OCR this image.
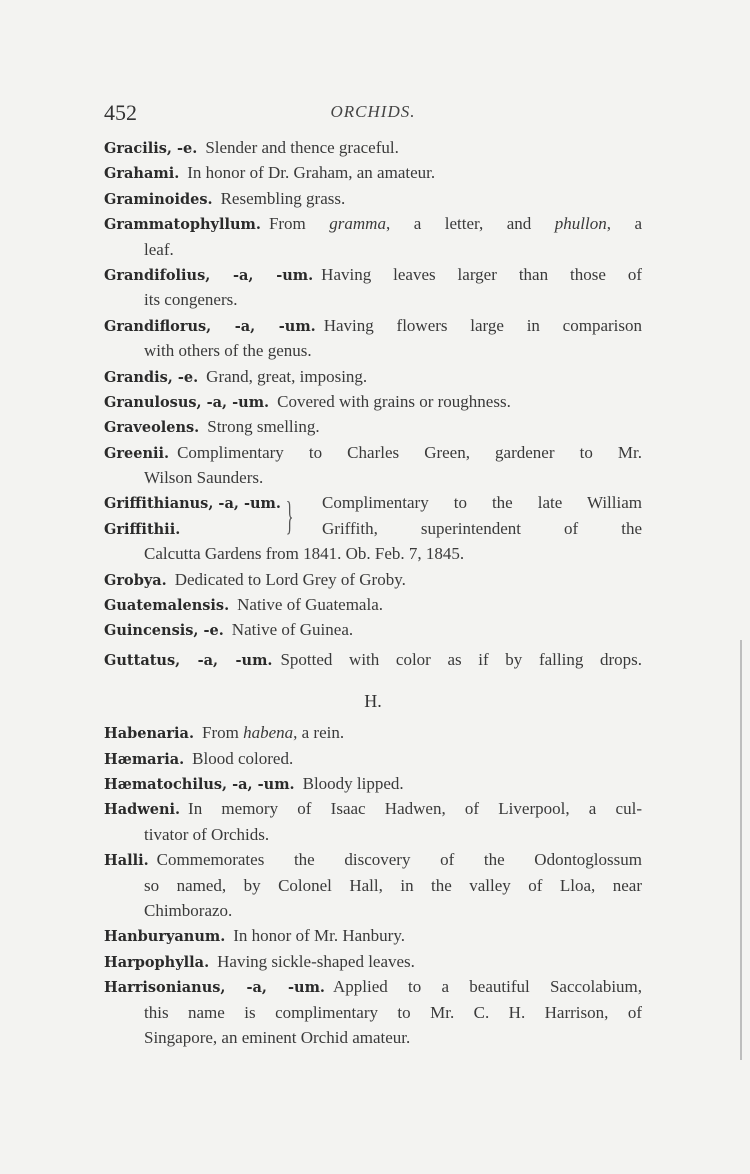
452	ORCHIDS.
Gracilis, -e. Slender and thence graceful.
Grahami. In honor of Dr. Graham, an amateur.
Graminoides. Resembling grass.
Grammatophyllum. From gramma, a letter, and phullon, a
leaf.
Grandifolius, -a, -um. Having leaves larger than those of
its congeners.
Grandiflorus, -a, -um. Having flowers large in comparison
with others of the genus.
Grandis, -e. Grand, great, imposing.
Granulosus, -a, -um. Covered with grains or roughness.
Graveolens. Strong smelling.
Greenii. Complimentary to Charles Green, gardener to Mr.
Wilson Saunders.
Griffithianus, -a, -um.
Griffithii.	} Complimentary to the late William
Griffith, superintendent of the
Calcutta Gardens from 1841. Ob. Feb. 7, 1845.
Grobya. Dedicated to Lord Grey of Groby.
Guatemalensis. Native of Guatemala.
Guincensis, -e. Native of Guinea.
Guttatus, -a, -um. Spotted with color as if by falling drops.
H.
Habenaria. From habena, a rein.
Hæmaria. Blood colored.
Hæmatochilus, -a, -um. Bloody lipped.
Hadweni. In memory of Isaac Hadwen, of Liverpool, a cul-
tivator of Orchids.
Halli. Commemorates the discovery of the Odontoglossum
so named, by Colonel Hall, in the valley of Lloa, near
Chimborazo.
Hanburyanum. In honor of Mr. Hanbury.
Harpophylla. Having sickle-shaped leaves.
Harrisonianus, -a, -um. Applied to a beautiful Saccolabium,
this name is complimentary to Mr. C. H. Harrison, of
Singapore, an eminent Orchid amateur.
